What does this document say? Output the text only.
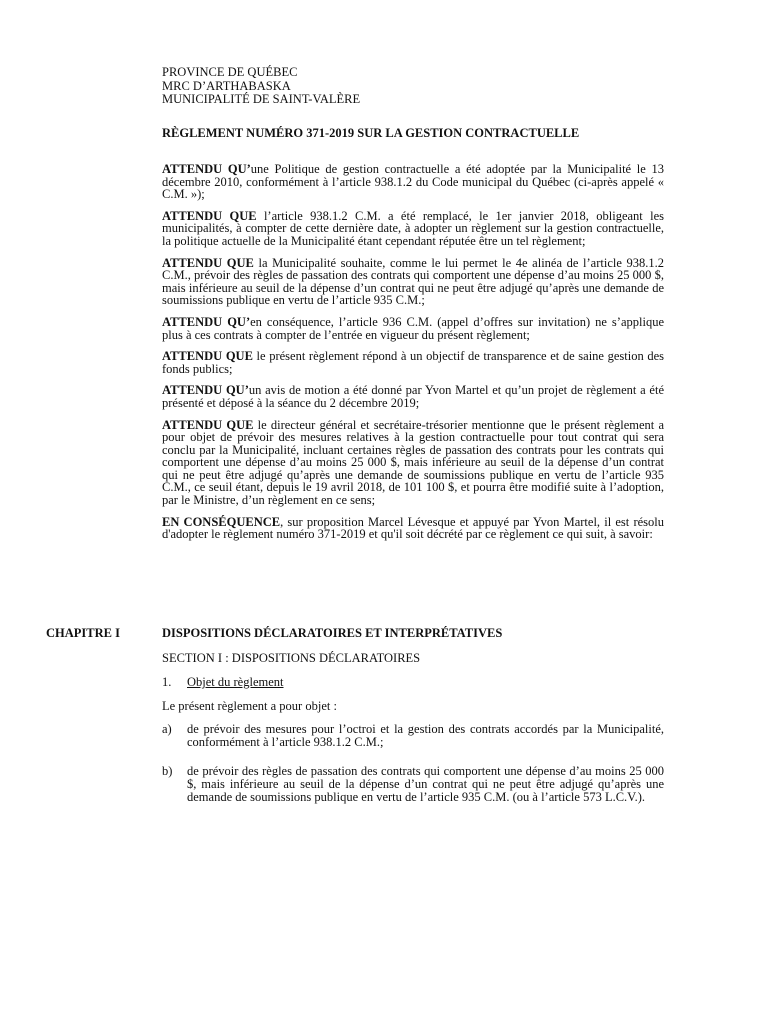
PROVINCE DE QUÉBEC
MRC D’ARTHABASKA
MUNICIPALITÉ DE SAINT-VALÈRE
RÈGLEMENT NUMÉRO 371-2019 SUR LA GESTION CONTRACTUELLE

ATTENDU QU’une Politique de gestion contractuelle a été adoptée par la Municipalité le 13 décembre 2010, conformément à l’article 938.1.2 du Code municipal du Québec (ci-après appelé « C.M. »);

ATTENDU QUE l’article 938.1.2 C.M. a été remplacé, le 1er janvier 2018, obligeant les municipalités, à compter de cette dernière date, à adopter un règlement sur la gestion contractuelle, la politique actuelle de la Municipalité étant cependant réputée être un tel règlement;

ATTENDU QUE la Municipalité souhaite, comme le lui permet le 4e alinéa de l’article 938.1.2 C.M., prévoir des règles de passation des contrats qui comportent une dépense d’au moins 25 000 $, mais inférieure au seuil de la dépense d’un contrat qui ne peut être adjugé qu’après une demande de soumissions publique en vertu de l’article 935 C.M.;

ATTENDU QU’en conséquence, l’article 936 C.M. (appel d’offres sur invitation) ne s’applique plus à ces contrats à compter de l’entrée en vigueur du présent règlement;

ATTENDU QUE le présent règlement répond à un objectif de transparence et de saine gestion des fonds publics;

ATTENDU QU’un avis de motion a été donné par Yvon Martel et qu’un projet de règlement a été présenté et déposé à la séance du 2 décembre 2019;

ATTENDU QUE le directeur général et secrétaire-trésorier mentionne que le présent règlement a pour objet de prévoir des mesures relatives à la gestion contractuelle pour tout contrat qui sera conclu par la Municipalité, incluant certaines règles de passation des contrats pour les contrats qui comportent une dépense d’au moins 25 000 $, mais inférieure au seuil de la dépense d’un contrat qui ne peut être adjugé qu’après une demande de soumissions publique en vertu de l’article 935 C.M., ce seuil étant, depuis le 19 avril 2018, de 101 100 $, et pourra être modifié suite à l’adoption, par le Ministre, d’un règlement en ce sens;

EN CONSÉQUENCE, sur proposition Marcel Lévesque et appuyé par Yvon Martel, il est résolu d'adopter le règlement numéro 371-2019 et qu'il soit décrété par ce règlement ce qui suit, à savoir:

CHAPITRE I	DISPOSITIONS DÉCLARATOIRES ET INTERPRÉTATIVES
SECTION I : DISPOSITIONS DÉCLARATOIRES
1. Objet du règlement
Le présent règlement a pour objet :
a) de prévoir des mesures pour l’octroi et la gestion des contrats accordés par la Municipalité, conformément à l’article 938.1.2 C.M.;
b) de prévoir des règles de passation des contrats qui comportent une dépense d’au moins 25 000 $, mais inférieure au seuil de la dépense d’un contrat qui ne peut être adjugé qu’après une demande de soumissions publique en vertu de l’article 935 C.M. (ou à l’article 573 L.C.V.).
